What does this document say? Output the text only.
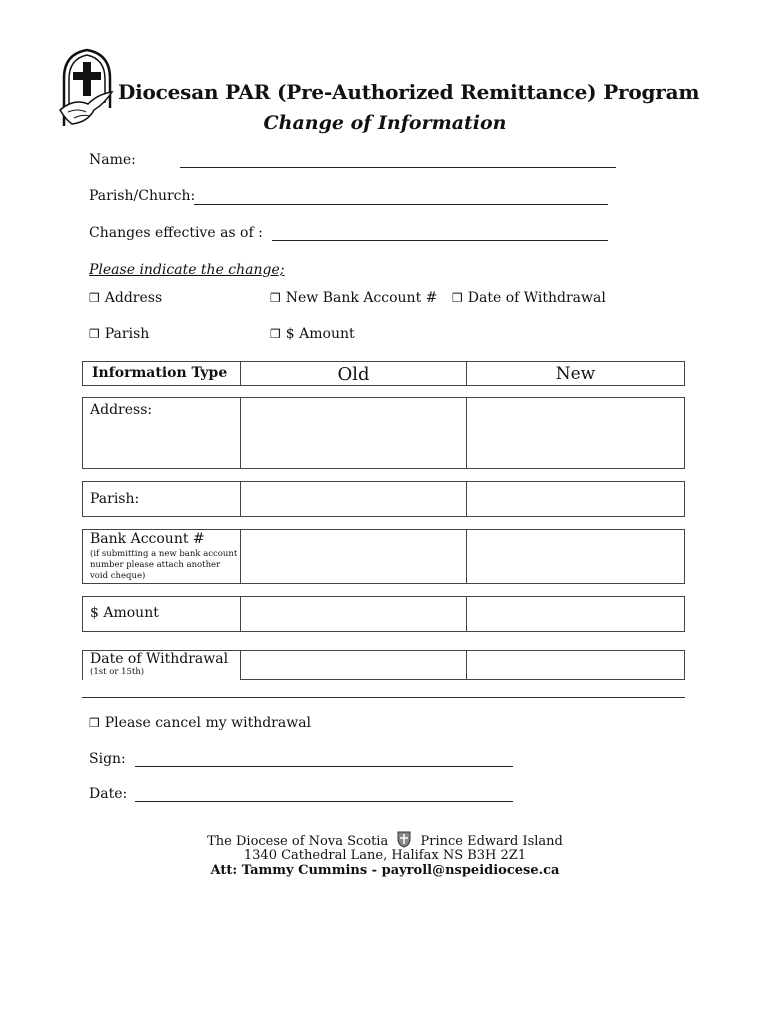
Diocesan PAR (Pre-Authorized Remittance) Program
Change of Information
Name:
Parish/Church:
Changes effective as of :
Please indicate the change;
❒ Address	❒ New Bank Account # ❒ Date of Withdrawal
❒ Parish	❒ $ Amount
Information Type	Old	New
Address:
Parish:
Bank Account #
(if submitting a new bank account number please attach another void cheque)
$ Amount
Date of Withdrawal
(1st or 15th)
❒ Please cancel my withdrawal
Sign:
Date:
The Diocese of Nova Scotia Prince Edward Island
1340 Cathedral Lane, Halifax NS B3H 2Z1
Att: Tammy Cummins - payroll@nspeidiocese.ca
